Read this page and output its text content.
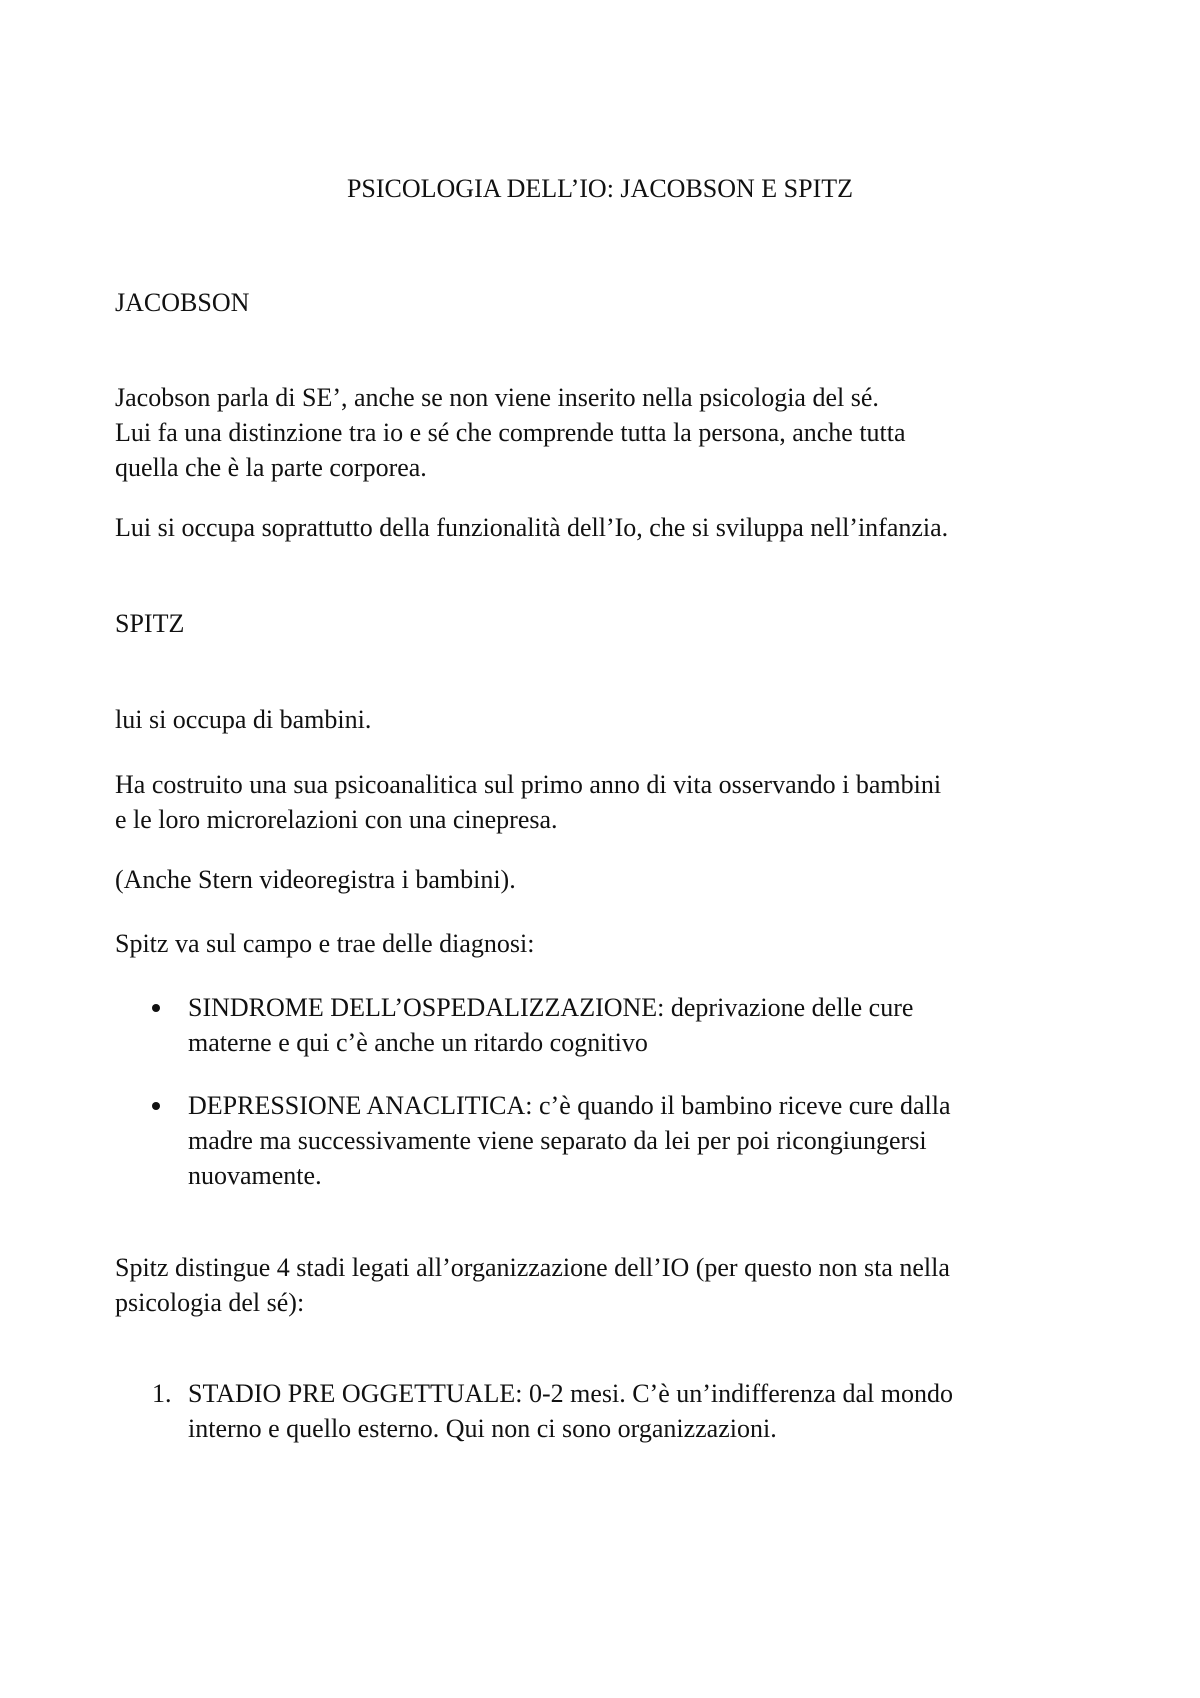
PSICOLOGIA DELL’IO: JACOBSON E SPITZ

JACOBSON

Jacobson parla di SE’, anche se non viene inserito nella psicologia del sé.
Lui fa una distinzione tra io e sé che comprende tutta la persona, anche tutta
quella che è la parte corporea.

Lui si occupa soprattutto della funzionalità dell’Io, che si sviluppa nell’infanzia.

SPITZ

lui si occupa di bambini.

Ha costruito una sua psicoanalitica sul primo anno di vita osservando i bambini
e le loro microrelazioni con una cinepresa.

(Anche Stern videoregistra i bambini).

Spitz va sul campo e trae delle diagnosi:

SINDROME DELL’OSPEDALIZZAZIONE: deprivazione delle cure
materne e qui c’è anche un ritardo cognitivo
DEPRESSIONE ANACLITICA: c’è quando il bambino riceve cure dalla
madre ma successivamente viene separato da lei per poi ricongiungersi
nuovamente.

Spitz distingue 4 stadi legati all’organizzazione dell’IO (per questo non sta nella
psicologia del sé):

1. STADIO PRE OGGETTUALE: 0-2 mesi. C’è un’indifferenza dal mondo
interno e quello esterno. Qui non ci sono organizzazioni.
